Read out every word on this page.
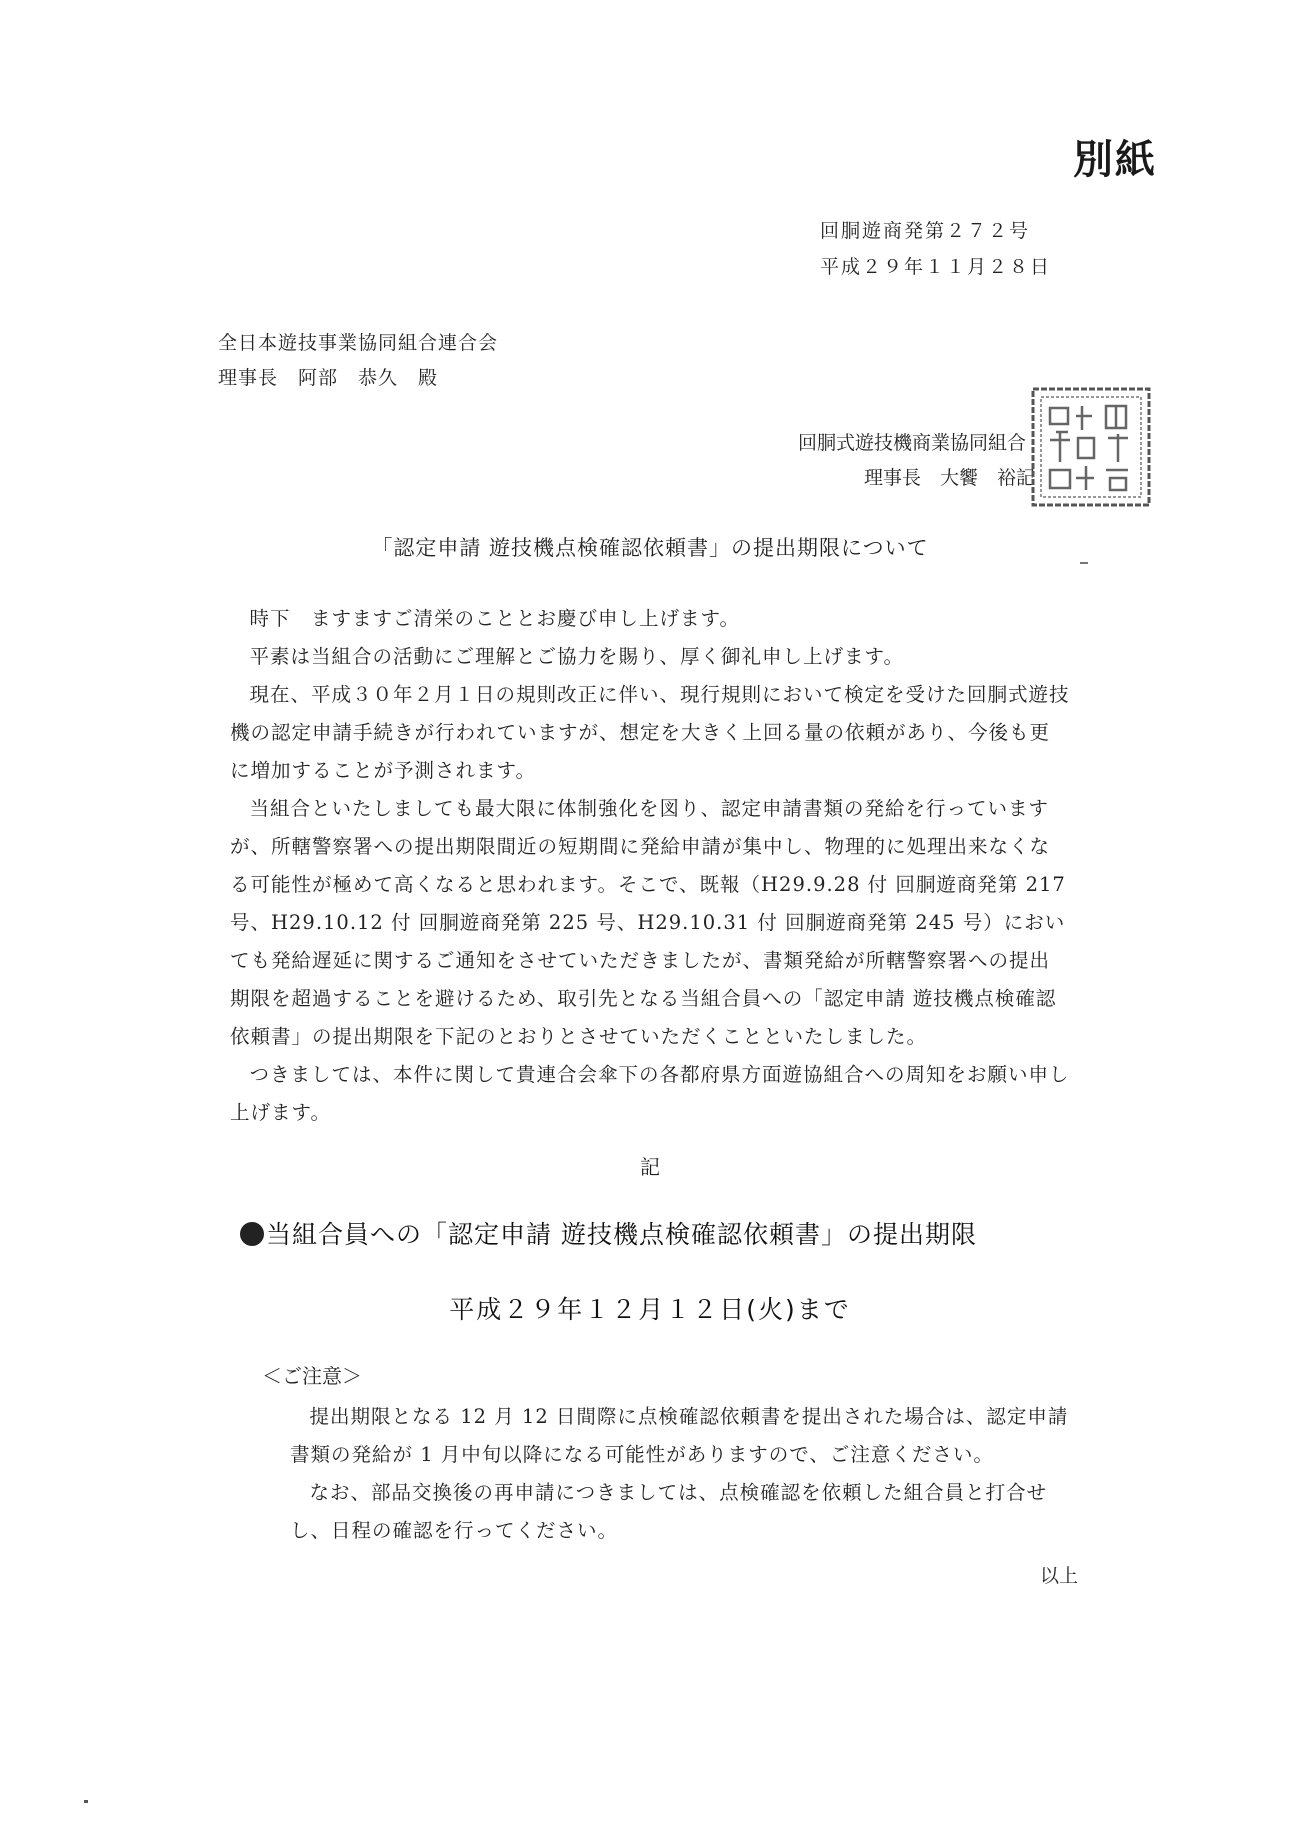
別紙
回胴遊商発第２７２号
平成２９年１１月２８日
全日本遊技事業協同組合連合会
理事長　阿部　恭久　殿
回胴式遊技機商業協同組合
理事長　大饗　裕記
「認定申請 遊技機点検確認依頼書」の提出期限について

時下　ますますご清栄のこととお慶び申し上げます。

平素は当組合の活動にご理解とご協力を賜り、厚く御礼申し上げます。

現在、平成３０年２月１日の規則改正に伴い、現行規則において検定を受けた回胴式遊技機の認定申請手続きが行われていますが、想定を大きく上回る量の依頼があり、今後も更に増加することが予測されます。

当組合といたしましても最大限に体制強化を図り、認定申請書類の発給を行っていますが、所轄警察署への提出期限間近の短期間に発給申請が集中し、物理的に処理出来なくなる可能性が極めて高くなると思われます。そこで、既報（H29.9.28 付 回胴遊商発第 217 号、H29.10.12 付 回胴遊商発第 225 号、H29.10.31 付 回胴遊商発第 245 号）においても発給遅延に関するご通知をさせていただきましたが、書類発給が所轄警察署への提出期限を超過することを避けるため、取引先となる当組合員への「認定申請 遊技機点検確認依頼書」の提出期限を下記のとおりとさせていただくことといたしました。

つきましては、本件に関して貴連合会傘下の各都府県方面遊協組合への周知をお願い申し上げます。

記
当組合員への「認定申請 遊技機点検確認依頼書」の提出期限
平成２９年１２月１２日(火)まで
＜ご注意＞

提出期限となる 12 月 12 日間際に点検確認依頼書を提出された場合は、認定申請書類の発給が 1 月中旬以降になる可能性がありますので、ご注意ください。

なお、部品交換後の再申請につきましては、点検確認を依頼した組合員と打合せし、日程の確認を行ってください。

以上
